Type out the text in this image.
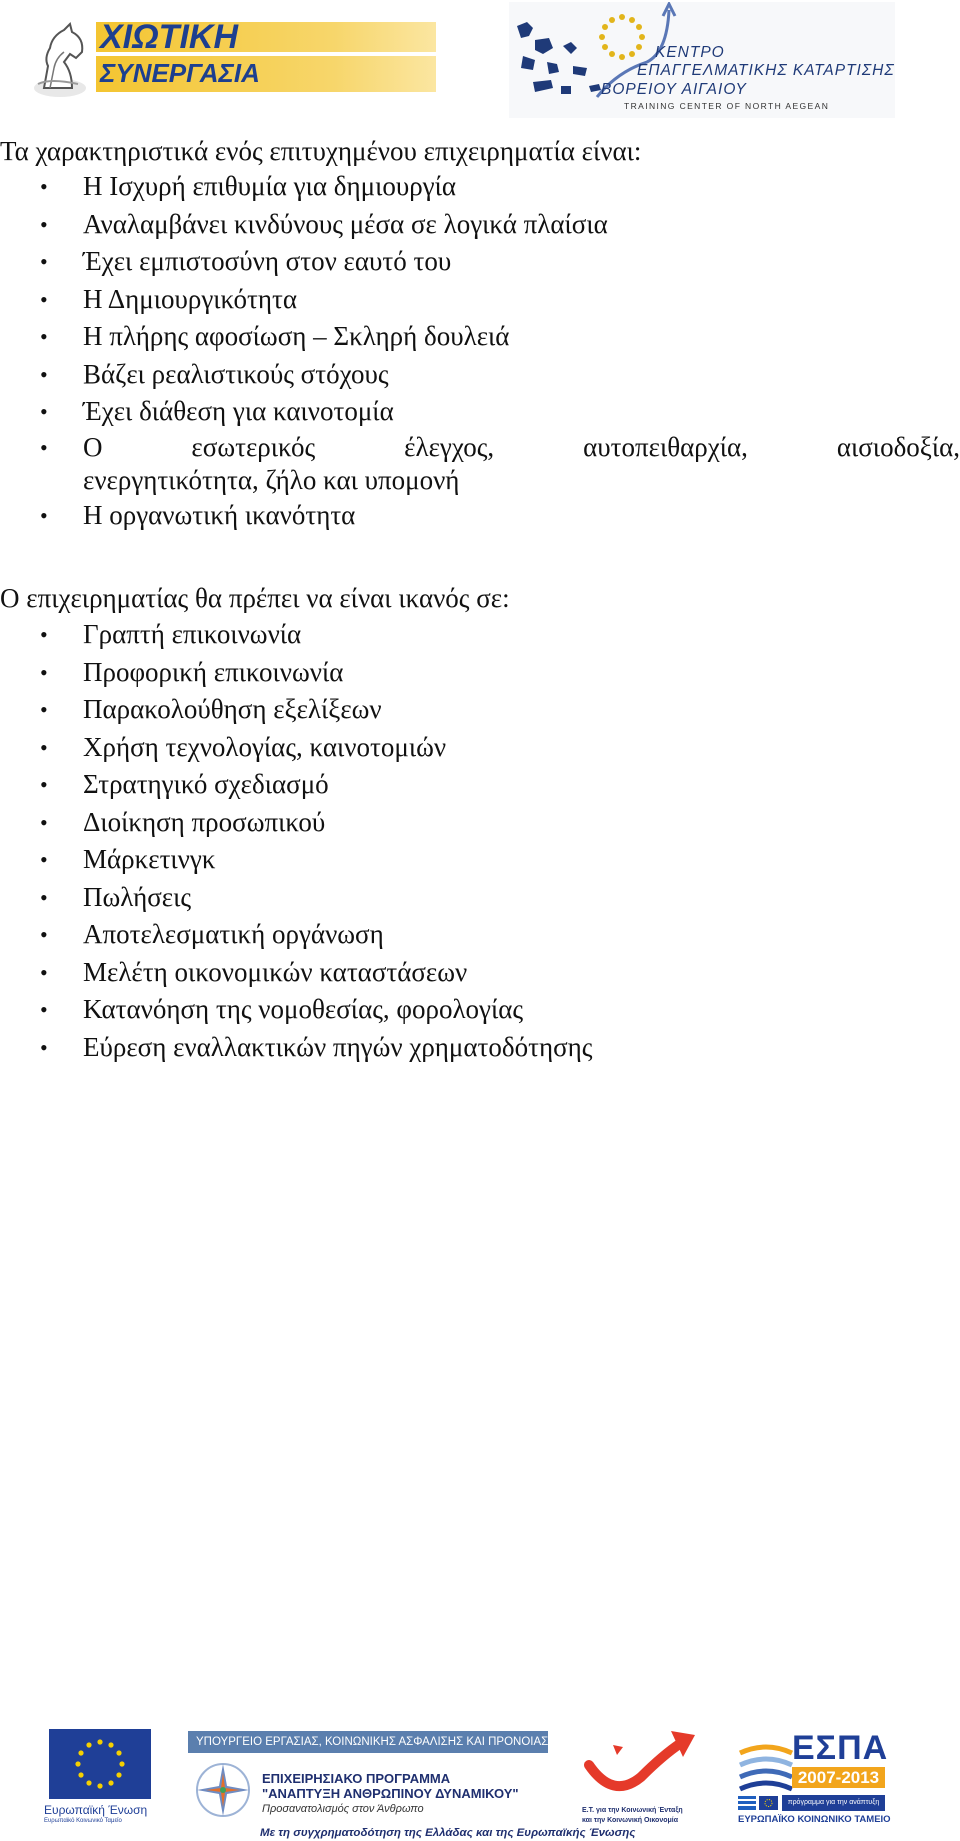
ΧΙΩΤΙΚΗ
ΣΥΝΕΡΓΑΣΙΑ
ΚΕΝΤΡΟ
ΕΠΑΓΓΕΛΜΑΤΙΚΗΣ ΚΑΤΑΡΤΙΣΗΣ
ΒΟΡΕΙΟΥ ΑΙΓΑΙΟΥ
TRAINING CENTER OF NORTH AEGEAN
Τα χαρακτηριστικά ενός επιτυχημένου επιχειρηματία είναι:
• Η Ισχυρή επιθυμία για δημιουργία
• Αναλαμβάνει κινδύνους μέσα σε λογικά πλαίσια
• Έχει εμπιστοσύνη στον εαυτό του
• Η Δημιουργικότητα
• Η πλήρης αφοσίωση – Σκληρή δουλειά
• Βάζει ρεαλιστικούς στόχους
• Έχει διάθεση για καινοτομία
• Ο εσωτερικός έλεγχος, αυτοπειθαρχία, αισιοδοξία,
ενεργητικότητα, ζήλο και υπομονή
• Η οργανωτική ικανότητα
Ο επιχειρηματίας θα πρέπει να είναι ικανός σε:
• Γραπτή επικοινωνία
• Προφορική επικοινωνία
• Παρακολούθηση εξελίξεων
• Χρήση τεχνολογίας, καινοτομιών
• Στρατηγικό σχεδιασμό
• Διοίκηση προσωπικού
• Μάρκετινγκ
• Πωλήσεις
• Αποτελεσματική οργάνωση
• Μελέτη οικονομικών καταστάσεων
• Κατανόηση της νομοθεσίας, φορολογίας
• Εύρεση εναλλακτικών πηγών χρηματοδότησης
Ευρωπαϊκή Ένωση
Ευρωπαϊκό Κοινωνικό Ταμείο
ΥΠΟΥΡΓΕΙΟ ΕΡΓΑΣΙΑΣ, ΚΟΙΝΩΝΙΚΗΣ ΑΣΦΑΛΙΣΗΣ ΚΑΙ ΠΡΟΝΟΙΑΣ
ΕΠΙΧΕΙΡΗΣΙΑΚΟ ΠΡΟΓΡΑΜΜΑ
"ΑΝΑΠΤΥΞΗ ΑΝΘΡΩΠΙΝΟΥ ΔΥΝΑΜΙΚΟΥ"
Προσανατολισμός στον Άνθρωπο
Με τη συγχρηματοδότηση της Ελλάδας και της Ευρωπαϊκής Ένωσης
Ε.Τ. για την Κοινωνική Ένταξη
και την Κοινωνική Οικονομία
ΕΣΠΑ
2007-2013
πρόγραμμα για την ανάπτυξη
ΕΥΡΩΠΑΪΚΟ ΚΟΙΝΩΝΙΚΟ ΤΑΜΕΙΟ
